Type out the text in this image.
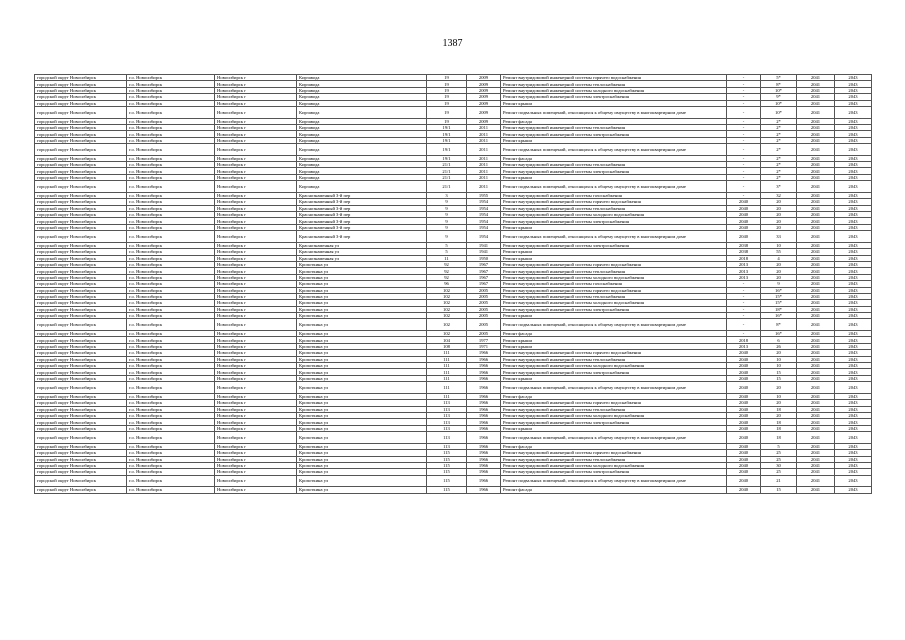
1387
городской округ Новосибирск	г.о. Новосибирск	Новосибирск г	Кирзавода	19	2009	Ремонт внутридомовой инженерной системы горячего водоснабжения	-	5*	2041	2043
городской округ Новосибирск	г.о. Новосибирск	Новосибирск г	Кирзавода	19	2009	Ремонт внутридомовой инженерной системы теплоснабжения	-	8*	2041	2043
городской округ Новосибирск	г.о. Новосибирск	Новосибирск г	Кирзавода	19	2009	Ремонт внутридомовой инженерной системы холодного водоснабжения	-	10*	2041	2043
городской округ Новосибирск	г.о. Новосибирск	Новосибирск г	Кирзавода	19	2009	Ремонт внутридомовой инженерной системы электроснабжения	-	9*	2041	2043
городской округ Новосибирск	г.о. Новосибирск	Новосибирск г	Кирзавода	19	2009	Ремонт крыши	-	10*	2041	2043
городской округ Новосибирск	г.о. Новосибирск	Новосибирск г	Кирзавода	19	2009	Ремонт подвальных помещений, относящихся к общему имуществу в многоквартирном доме	-	10*	2041	2043
городской округ Новосибирск	г.о. Новосибирск	Новосибирск г	Кирзавода	19	2009	Ремонт фасада	-	2*	2041	2043
городской округ Новосибирск	г.о. Новосибирск	Новосибирск г	Кирзавода	19/1	2011	Ремонт внутридомовой инженерной системы теплоснабжения	-	2*	2041	2043
городской округ Новосибирск	г.о. Новосибирск	Новосибирск г	Кирзавода	19/1	2011	Ремонт внутридомовой инженерной системы электроснабжения	-	2*	2041	2043
городской округ Новосибирск	г.о. Новосибирск	Новосибирск г	Кирзавода	19/1	2011	Ремонт крыши	-	2*	2041	2043
городской округ Новосибирск	г.о. Новосибирск	Новосибирск г	Кирзавода	19/1	2011	Ремонт подвальных помещений, относящихся к общему имуществу в многоквартирном доме	-	2*	2041	2043
городской округ Новосибирск	г.о. Новосибирск	Новосибирск г	Кирзавода	19/1	2011	Ремонт фасада	-	2*	2041	2043
городской округ Новосибирск	г.о. Новосибирск	Новосибирск г	Кирзавода	21/1	2011	Ремонт внутридомовой инженерной системы теплоснабжения	-	2*	2041	2043
городской округ Новосибирск	г.о. Новосибирск	Новосибирск г	Кирзавода	21/1	2011	Ремонт внутридомовой инженерной системы электроснабжения	-	2*	2041	2043
городской округ Новосибирск	г.о. Новосибирск	Новосибирск г	Кирзавода	21/1	2011	Ремонт крыши	-	2*	2041	2043
городской округ Новосибирск	г.о. Новосибирск	Новосибирск г	Кирзавода	21/1	2011	Ремонт подвальных помещений, относящихся к общему имуществу в многоквартирном доме	-	3*	2041	2043
городской округ Новосибирск	г.о. Новосибирск	Новосибирск г	Краснознаменный 3-й пер	3	1955	Ремонт внутридомовой инженерной системы газоснабжения	-	32	2041	2043
городской округ Новосибирск	г.о. Новосибирск	Новосибирск г	Краснознаменный 3-й пер	9	1954	Ремонт внутридомовой инженерной системы горячего водоснабжения	2040	20	2041	2043
городской округ Новосибирск	г.о. Новосибирск	Новосибирск г	Краснознаменный 3-й пер	9	1954	Ремонт внутридомовой инженерной системы теплоснабжения	2040	20	2041	2043
городской округ Новосибирск	г.о. Новосибирск	Новосибирск г	Краснознаменный 3-й пер	9	1954	Ремонт внутридомовой инженерной системы холодного водоснабжения	2040	20	2041	2043
городской округ Новосибирск	г.о. Новосибирск	Новосибирск г	Краснознаменный 3-й пер	9	1954	Ремонт внутридомовой инженерной системы электроснабжения	2040	20	2041	2043
городской округ Новосибирск	г.о. Новосибирск	Новосибирск г	Краснознаменный 3-й пер	9	1954	Ремонт крыши	2040	20	2041	2043
городской округ Новосибирск	г.о. Новосибирск	Новосибирск г	Краснознаменный 3-й пер	9	1954	Ремонт подвальных помещений, относящихся к общему имуществу в многоквартирном доме	2040	33	2041	2043
городской округ Новосибирск	г.о. Новосибирск	Новосибирск г	Краснознаменная ул	5	1941	Ремонт внутридомовой инженерной системы электроснабжения	2038	10	2041	2043
городской округ Новосибирск	г.о. Новосибирск	Новосибирск г	Краснознаменная ул	5	1941	Ремонт крыши	2038	55	2041	2043
городской округ Новосибирск	г.о. Новосибирск	Новосибирск г	Краснознаменная ул	11	1950	Ремонт крыши	2018	4	2041	2043
городской округ Новосибирск	г.о. Новосибирск	Новосибирск г	Кропоткина ул	92	1967	Ремонт внутридомовой инженерной системы горячего водоснабжения	2013	20	2041	2043
городской округ Новосибирск	г.о. Новосибирск	Новосибирск г	Кропоткина ул	92	1967	Ремонт внутридомовой инженерной системы теплоснабжения	2013	20	2041	2043
городской округ Новосибирск	г.о. Новосибирск	Новосибирск г	Кропоткина ул	92	1967	Ремонт внутридомовой инженерной системы холодного водоснабжения	2013	20	2041	2043
городской округ Новосибирск	г.о. Новосибирск	Новосибирск г	Кропоткина ул	96	1967	Ремонт внутридомовой инженерной системы газоснабжения	-	9	2041	2043
городской округ Новосибирск	г.о. Новосибирск	Новосибирск г	Кропоткина ул	102	2005	Ремонт внутридомовой инженерной системы горячего водоснабжения	-	16*	2041	2043
городской округ Новосибирск	г.о. Новосибирск	Новосибирск г	Кропоткина ул	102	2005	Ремонт внутридомовой инженерной системы теплоснабжения	-	15*	2041	2043
городской округ Новосибирск	г.о. Новосибирск	Новосибирск г	Кропоткина ул	102	2005	Ремонт внутридомовой инженерной системы холодного водоснабжения	-	15*	2041	2043
городской округ Новосибирск	г.о. Новосибирск	Новосибирск г	Кропоткина ул	102	2005	Ремонт внутридомовой инженерной системы электроснабжения	-	18*	2041	2043
городской округ Новосибирск	г.о. Новосибирск	Новосибирск г	Кропоткина ул	102	2005	Ремонт крыши	-	16*	2041	2043
городской округ Новосибирск	г.о. Новосибирск	Новосибирск г	Кропоткина ул	102	2005	Ремонт подвальных помещений, относящихся к общему имуществу в многоквартирном доме	-	8*	2041	2043
городской округ Новосибирск	г.о. Новосибирск	Новосибирск г	Кропоткина ул	102	2005	Ремонт фасада	-	16*	2041	2043
городской округ Новосибирск	г.о. Новосибирск	Новосибирск г	Кропоткина ул	104	1977	Ремонт крыши	2018	6	2041	2043
городской округ Новосибирск	г.о. Новосибирск	Новосибирск г	Кропоткина ул	108	1971	Ремонт крыши	2013	26	2041	2043
городской округ Новосибирск	г.о. Новосибирск	Новосибирск г	Кропоткина ул	111	1966	Ремонт внутридомовой инженерной системы горячего водоснабжения	2040	20	2041	2043
городской округ Новосибирск	г.о. Новосибирск	Новосибирск г	Кропоткина ул	111	1966	Ремонт внутридомовой инженерной системы теплоснабжения	2040	10	2041	2043
городской округ Новосибирск	г.о. Новосибирск	Новосибирск г	Кропоткина ул	111	1966	Ремонт внутридомовой инженерной системы холодного водоснабжения	2040	10	2041	2043
городской округ Новосибирск	г.о. Новосибирск	Новосибирск г	Кропоткина ул	111	1966	Ремонт внутридомовой инженерной системы электроснабжения	2040	15	2041	2043
городской округ Новосибирск	г.о. Новосибирск	Новосибирск г	Кропоткина ул	111	1966	Ремонт крыши	2040	15	2041	2043
городской округ Новосибирск	г.о. Новосибирск	Новосибирск г	Кропоткина ул	111	1966	Ремонт подвальных помещений, относящихся к общему имуществу в многоквартирном доме	2040	20	2041	2043
городской округ Новосибирск	г.о. Новосибирск	Новосибирск г	Кропоткина ул	111	1966	Ремонт фасада	2040	10	2041	2043
городской округ Новосибирск	г.о. Новосибирск	Новосибирск г	Кропоткина ул	113	1966	Ремонт внутридомовой инженерной системы горячего водоснабжения	2040	20	2041	2043
городской округ Новосибирск	г.о. Новосибирск	Новосибирск г	Кропоткина ул	113	1966	Ремонт внутридомовой инженерной системы теплоснабжения	2040	18	2041	2043
городской округ Новосибирск	г.о. Новосибирск	Новосибирск г	Кропоткина ул	113	1966	Ремонт внутридомовой инженерной системы холодного водоснабжения	2040	20	2041	2043
городской округ Новосибирск	г.о. Новосибирск	Новосибирск г	Кропоткина ул	113	1966	Ремонт внутридомовой инженерной системы электроснабжения	2040	18	2041	2043
городской округ Новосибирск	г.о. Новосибирск	Новосибирск г	Кропоткина ул	113	1966	Ремонт крыши	2040	18	2041	2043
городской округ Новосибирск	г.о. Новосибирск	Новосибирск г	Кропоткина ул	113	1966	Ремонт подвальных помещений, относящихся к общему имуществу в многоквартирном доме	2040	18	2041	2043
городской округ Новосибирск	г.о. Новосибирск	Новосибирск г	Кропоткина ул	113	1966	Ремонт фасада	2040	5	2041	2043
городской округ Новосибирск	г.о. Новосибирск	Новосибирск г	Кропоткина ул	115	1966	Ремонт внутридомовой инженерной системы горячего водоснабжения	2040	25	2041	2043
городской округ Новосибирск	г.о. Новосибирск	Новосибирск г	Кропоткина ул	115	1966	Ремонт внутридомовой инженерной системы теплоснабжения	2040	25	2041	2043
городской округ Новосибирск	г.о. Новосибирск	Новосибирск г	Кропоткина ул	115	1966	Ремонт внутридомовой инженерной системы холодного водоснабжения	2040	30	2041	2043
городской округ Новосибирск	г.о. Новосибирск	Новосибирск г	Кропоткина ул	115	1966	Ремонт внутридомовой инженерной системы электроснабжения	2040	25	2041	2043
городской округ Новосибирск	г.о. Новосибирск	Новосибирск г	Кропоткина ул	115	1966	Ремонт подвальных помещений, относящихся к общему имуществу в многоквартирном доме	2040	21	2041	2043
городской округ Новосибирск	г.о. Новосибирск	Новосибирск г	Кропоткина ул	115	1966	Ремонт фасада	2040	15	2041	2043
